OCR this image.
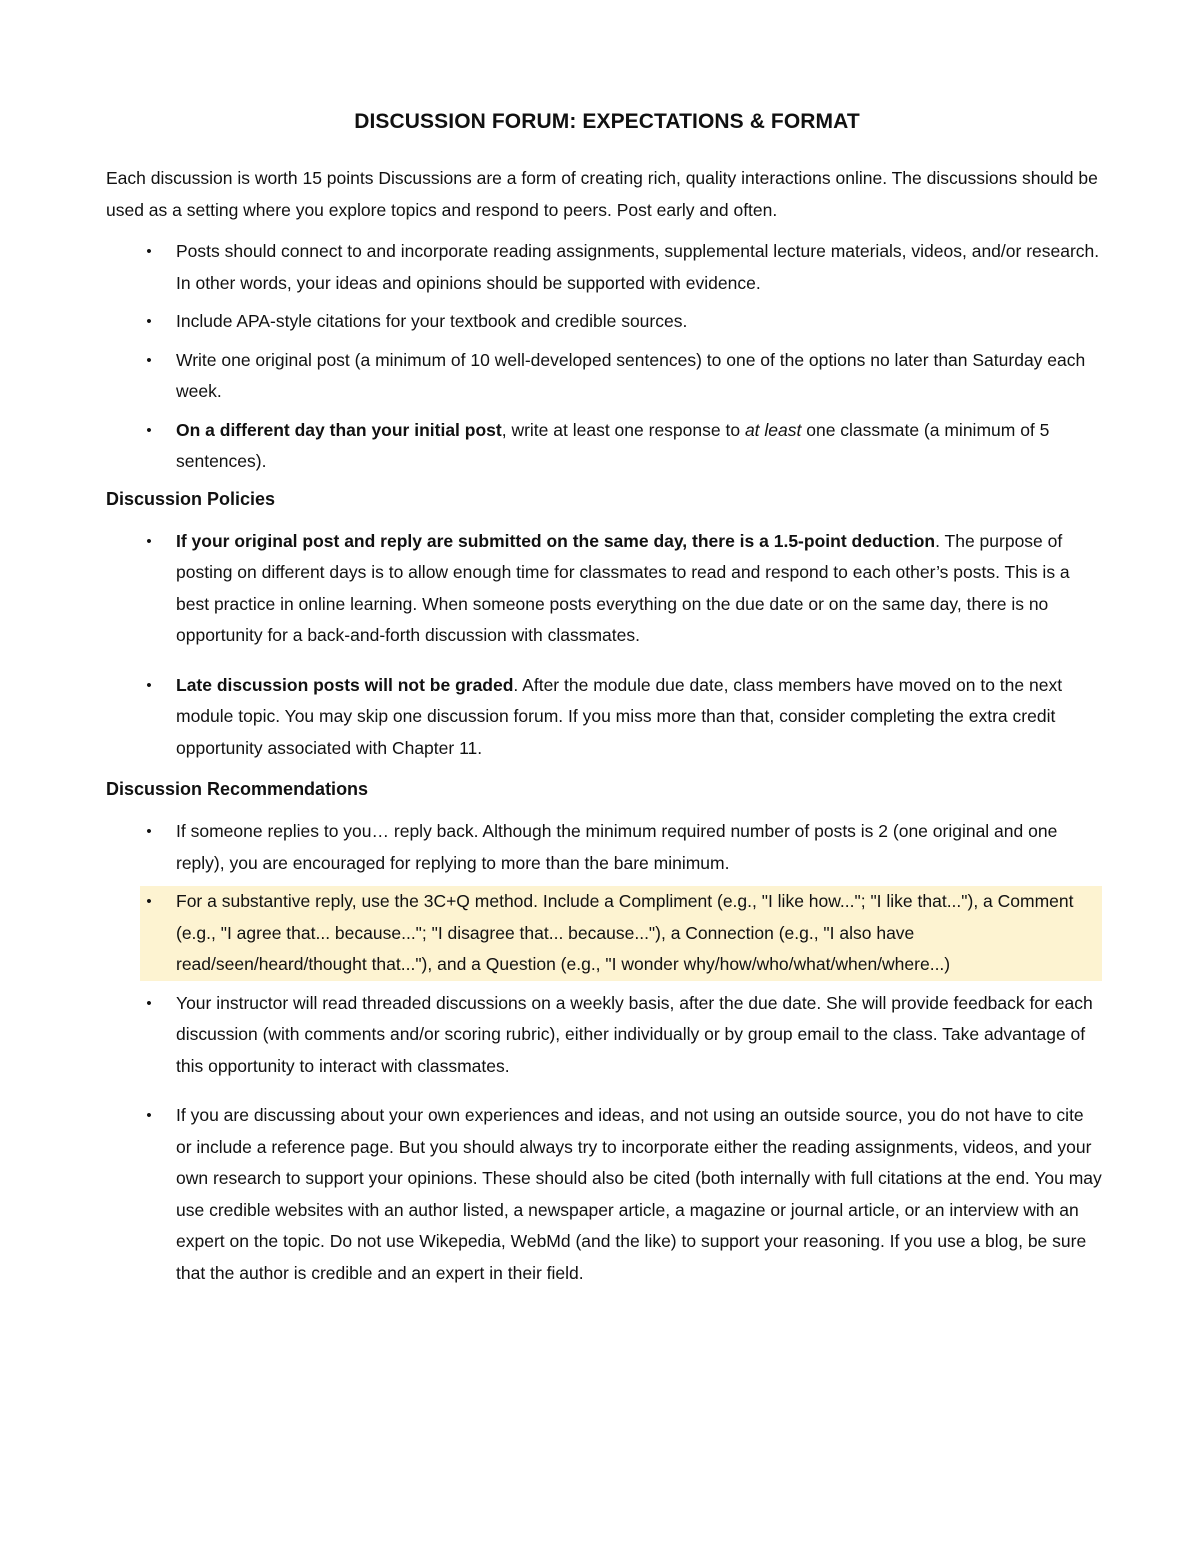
DISCUSSION FORUM: EXPECTATIONS & FORMAT

Each discussion is worth 15 points Discussions are a form of creating rich, quality interactions online. The discussions should be used as a setting where you explore topics and respond to peers. Post early and often.

• Posts should connect to and incorporate reading assignments, supplemental lecture materials, videos, and/or research. In other words, your ideas and opinions should be supported with evidence.
• Include APA-style citations for your textbook and credible sources.
• Write one original post (a minimum of 10 well-developed sentences) to one of the options no later than Saturday each week.
• On a different day than your initial post, write at least one response to at least one classmate (a minimum of 5 sentences).
Discussion Policies
• If your original post and reply are submitted on the same day, there is a 1.5-point deduction. The purpose of posting on different days is to allow enough time for classmates to read and respond to each other’s posts. This is a best practice in online learning. When someone posts everything on the due date or on the same day, there is no opportunity for a back-and-forth discussion with classmates.
• Late discussion posts will not be graded. After the module due date, class members have moved on to the next module topic. You may skip one discussion forum. If you miss more than that, consider completing the extra credit opportunity associated with Chapter 11.
Discussion Recommendations
• If someone replies to you… reply back. Although the minimum required number of posts is 2 (one original and one reply), you are encouraged for replying to more than the bare minimum.
• For a substantive reply, use the 3C+Q method. Include a Compliment (e.g., "I like how..."; "I like that..."), a Comment (e.g., "I agree that... because..."; "I disagree that... because..."), a Connection (e.g., "I also have read/seen/heard/thought that..."), and a Question (e.g., "I wonder why/how/who/what/when/where...)
• Your instructor will read threaded discussions on a weekly basis, after the due date. She will provide feedback for each discussion (with comments and/or scoring rubric), either individually or by group email to the class. Take advantage of this opportunity to interact with classmates.
• If you are discussing about your own experiences and ideas, and not using an outside source, you do not have to cite or include a reference page. But you should always try to incorporate either the reading assignments, videos, and your own research to support your opinions. These should also be cited (both internally with full citations at the end. You may use credible websites with an author listed, a newspaper article, a magazine or journal article, or an interview with an expert on the topic. Do not use Wikepedia, WebMd (and the like) to support your reasoning. If you use a blog, be sure that the author is credible and an expert in their field.
